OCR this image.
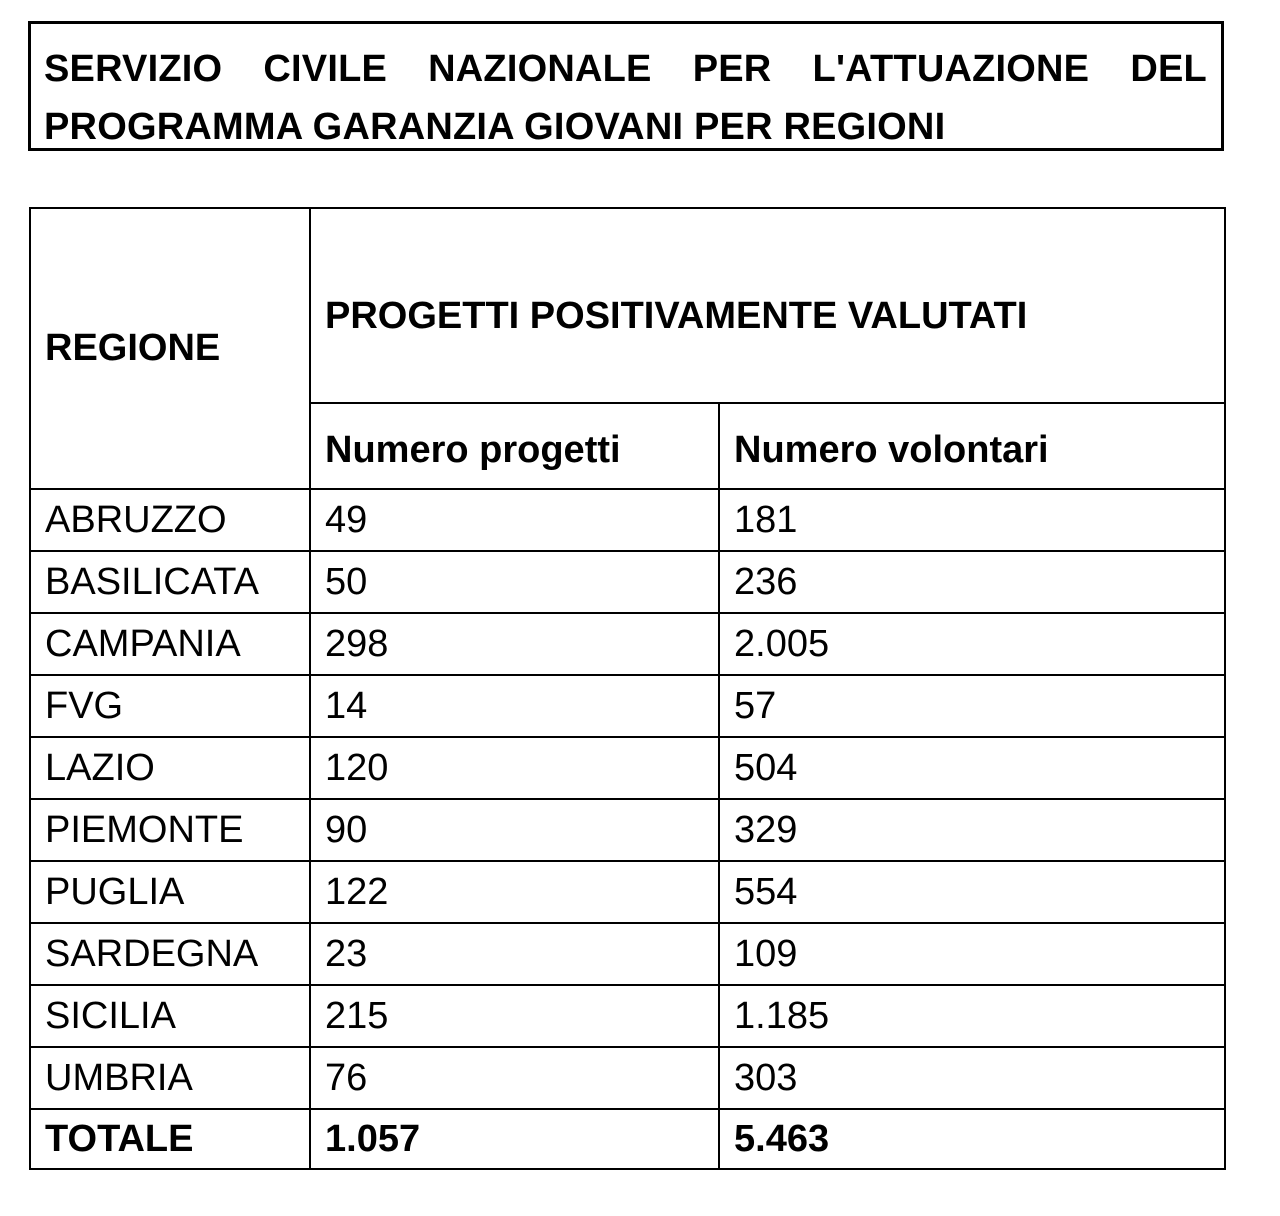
SERVIZIO CIVILE NAZIONALE PER L'ATTUAZIONE DEL
PROGRAMMA GARANZIA GIOVANI PER REGIONI
REGIONE	PROGETTI POSITIVAMENTE VALUTATI	
	Numero progetti	Numero volontari
ABRUZZO	49	181
BASILICATA	50	236
CAMPANIA	298	2.005
FVG	14	57
LAZIO	120	504
PIEMONTE	90	329
PUGLIA	122	554
SARDEGNA	23	109
SICILIA	215	1.185
UMBRIA	76	303
TOTALE	1.057	5.463
